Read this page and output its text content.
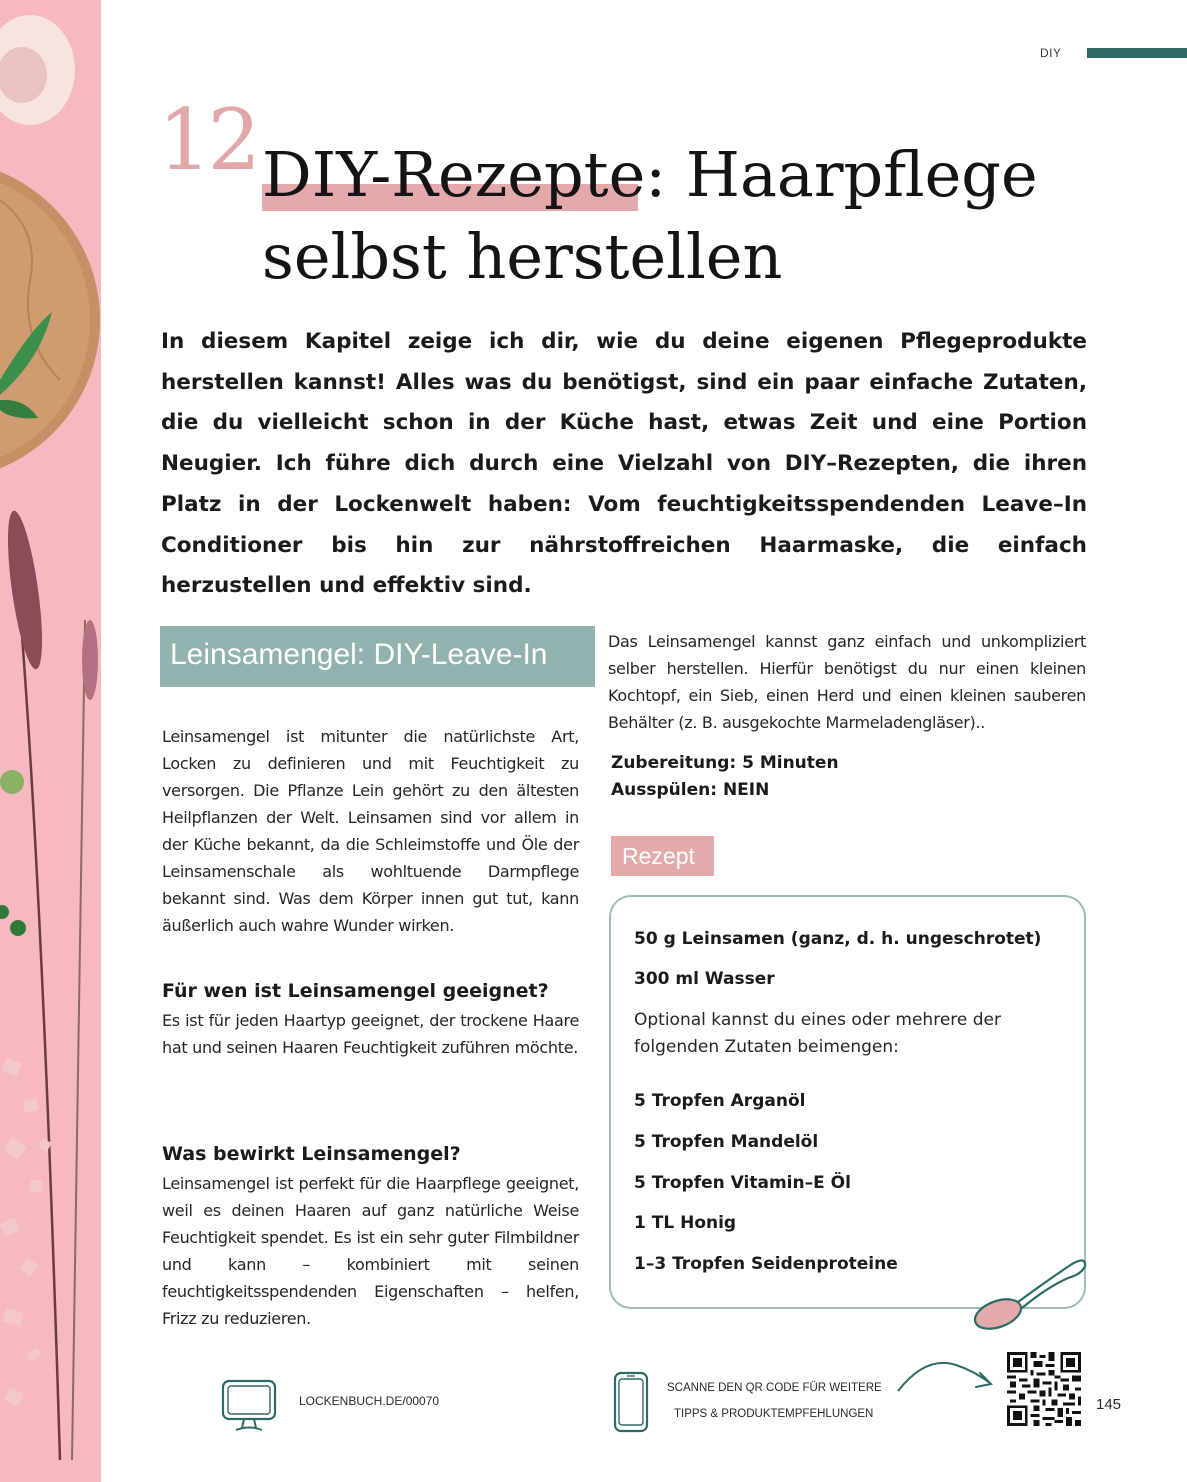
DIY
12 DIY-Rezepte: Haarpflege
selbst herstellen

In diesem Kapitel zeige ich dir, wie du deine eigenen Pflegeprodukte herstellen kannst! Alles was du benötigst, sind ein paar einfache Zutaten, die du vielleicht schon in der Küche hast, etwas Zeit und eine Portion Neugier. Ich führe dich durch eine Vielzahl von DIY–Rezepten, die ihren Platz in der Lockenwelt haben: Vom feuchtigkeitsspendenden Leave–In Conditioner bis hin zur nährstoffreichen Haarmaske, die einfach herzustellen und effektiv sind.

Leinsamengel: DIY-Leave-In

Leinsamengel ist mitunter die natürlichste Art, Locken zu definieren und mit Feuchtigkeit zu versorgen. Die Pflanze Lein gehört zu den ältesten Heilpflanzen der Welt. Leinsamen sind vor allem in der Küche bekannt, da die Schleimstoffe und Öle der Leinsamenschale als wohltuende Darmpflege bekannt sind. Was dem Körper innen gut tut, kann äußerlich auch wahre Wunder wirken.

Für wen ist Leinsamengel geeignet?

Es ist für jeden Haartyp geeignet, der trockene Haare hat und seinen Haaren Feuchtigkeit zuführen möchte.

Was bewirkt Leinsamengel?

Leinsamengel ist perfekt für die Haarpflege geeignet, weil es deinen Haaren auf ganz natürliche Weise Feuchtigkeit spendet. Es ist ein sehr guter Filmbildner und kann – kombiniert mit seinen feuchtigkeitsspendenden Eigenschaften – helfen, Frizz zu reduzieren.

Das Leinsamengel kannst ganz einfach und unkompliziert selber herstellen. Hierfür benötigst du nur einen kleinen Kochtopf, ein Sieb, einen Herd und einen kleinen sauberen Behälter (z. B. ausgekochte Marmeladengläser)..

Zubereitung: 5 Minuten
Ausspülen: NEIN
Rezept
50 g Leinsamen (ganz, d. h. ungeschrotet)
300 ml Wasser
Optional kannst du eines oder mehrere der folgenden Zutaten beimengen:
5 Tropfen Arganöl
5 Tropfen Mandelöl
5 Tropfen Vitamin–E Öl
1 TL Honig
1–3 Tropfen Seidenproteine
LOCKENBUCH.DE/00070
SCANNE DEN QR CODE FÜR WEITERE
TIPPS & PRODUKTEMPFEHLUNGEN
145
